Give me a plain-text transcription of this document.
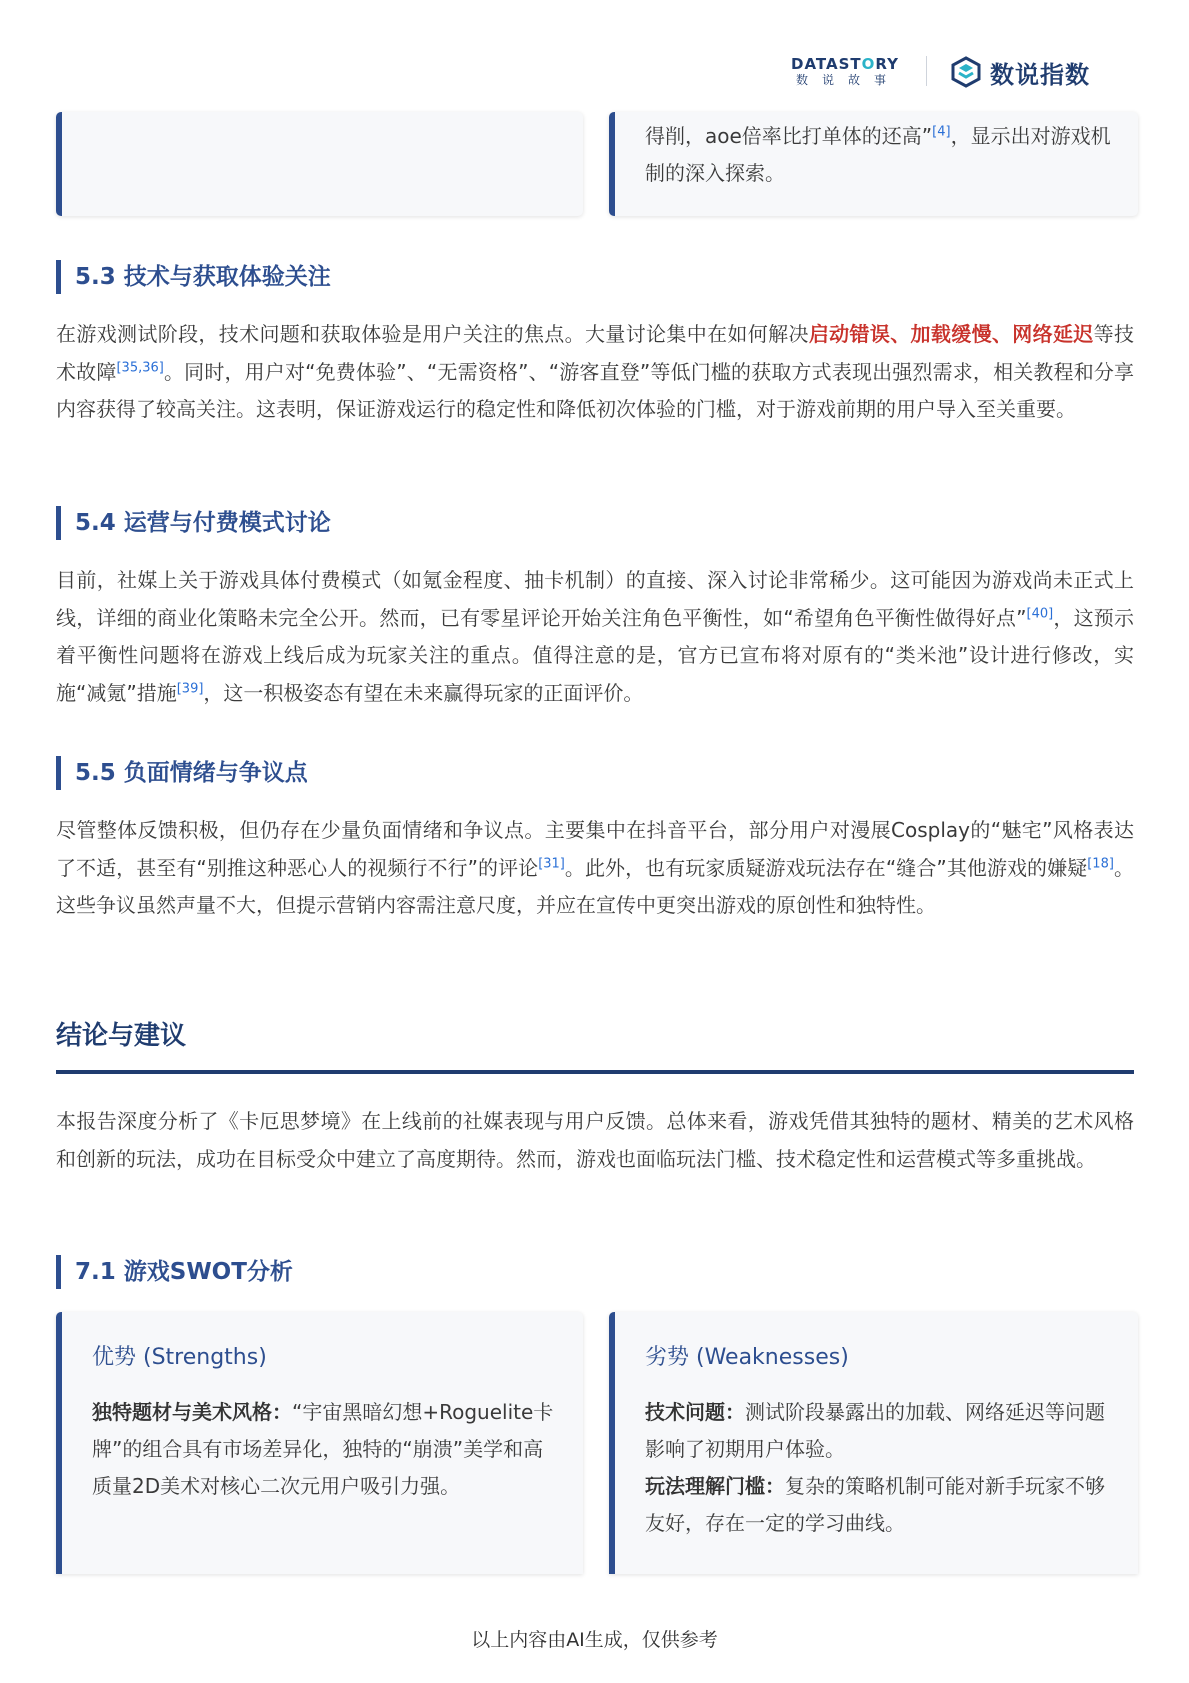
DATASTORY
数说故事	数说指数
得削，aoe倍率比打单体的还高”[4]，显示出对游戏机制的深入探索。
5.3 技术与获取体验关注
在游戏测试阶段，技术问题和获取体验是用户关注的焦点。大量讨论集中在如何解决启动错误、加载缓慢、网络延迟等技术故障[35,36]。同时，用户对“免费体验”、“无需资格”、“游客直登”等低门槛的获取方式表现出强烈需求，相关教程和分享内容获得了较高关注。这表明，保证游戏运行的稳定性和降低初次体验的门槛，对于游戏前期的用户导入至关重要。
5.4 运营与付费模式讨论
目前，社媒上关于游戏具体付费模式（如氪金程度、抽卡机制）的直接、深入讨论非常稀少。这可能因为游戏尚未正式上线，详细的商业化策略未完全公开。然而，已有零星评论开始关注角色平衡性，如“希望角色平衡性做得好点”[40]，这预示着平衡性问题将在游戏上线后成为玩家关注的重点。值得注意的是，官方已宣布将对原有的“类米池”设计进行修改，实施“减氪”措施[39]，这一积极姿态有望在未来赢得玩家的正面评价。
5.5 负面情绪与争议点
尽管整体反馈积极，但仍存在少量负面情绪和争议点。主要集中在抖音平台，部分用户对漫展Cosplay的“魅宅”风格表达了不适，甚至有“别推这种恶心人的视频行不行”的评论[31]。此外，也有玩家质疑游戏玩法存在“缝合”其他游戏的嫌疑[18]。这些争议虽然声量不大，但提示营销内容需注意尺度，并应在宣传中更突出游戏的原创性和独特性。
结论与建议
本报告深度分析了《卡厄思梦境》在上线前的社媒表现与用户反馈。总体来看，游戏凭借其独特的题材、精美的艺术风格和创新的玩法，成功在目标受众中建立了高度期待。然而，游戏也面临玩法门槛、技术稳定性和运营模式等多重挑战。
7.1 游戏SWOT分析
优势 (Strengths)
独特题材与美术风格：“宇宙黑暗幻想+Roguelite卡牌”的组合具有市场差异化，独特的“崩溃”美学和高质量2D美术对核心二次元用户吸引力强。
劣势 (Weaknesses)
技术问题：测试阶段暴露出的加载、网络延迟等问题影响了初期用户体验。
玩法理解门槛：复杂的策略机制可能对新手玩家不够友好，存在一定的学习曲线。
以上内容由AI生成，仅供参考
